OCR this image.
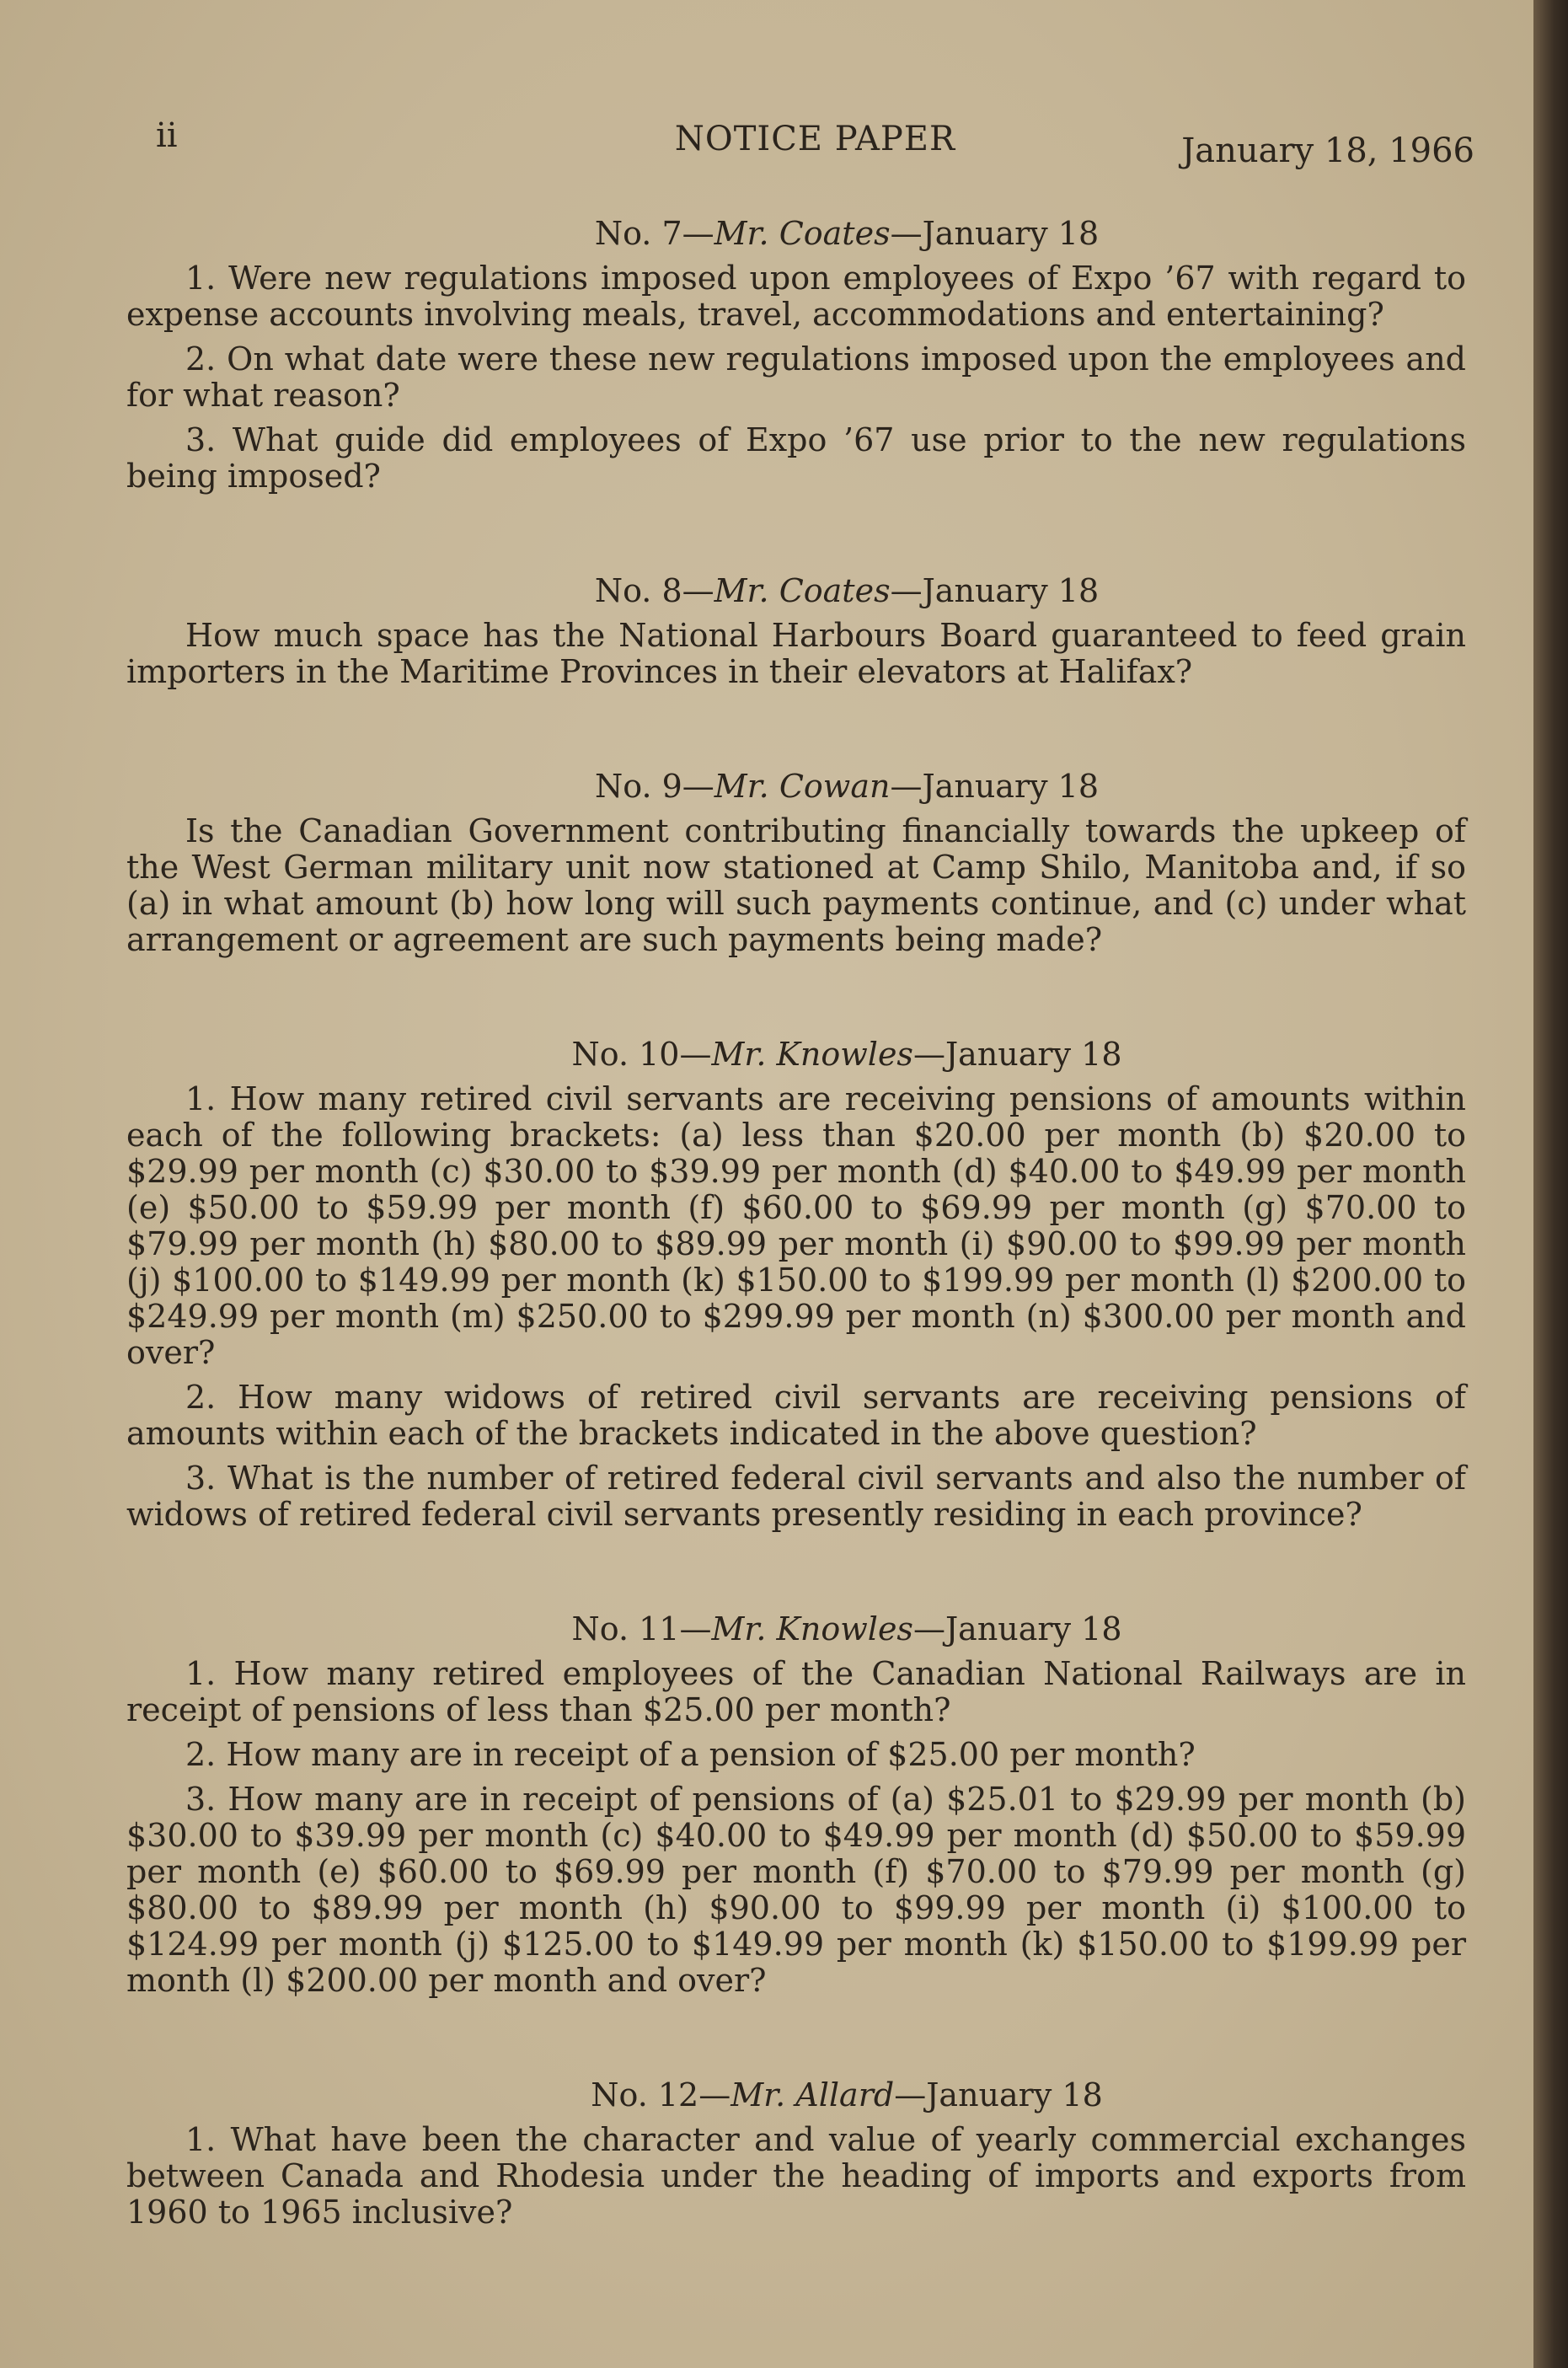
ii	NOTICE PAPER	January 18, 1966
No. 7—Mr. Coates—January 18

1. Were new regulations imposed upon employees of Expo ’67 with regard to expense accounts involving meals, travel, accommodations and entertaining?

2. On what date were these new regulations imposed upon the employees and for what reason?

3. What guide did employees of Expo ’67 use prior to the new regulations being imposed?

No. 8—Mr. Coates—January 18

How much space has the National Harbours Board guaranteed to feed grain importers in the Maritime Provinces in their elevators at Halifax?

No. 9—Mr. Cowan—January 18

Is the Canadian Government contributing financially towards the upkeep of the West German military unit now stationed at Camp Shilo, Manitoba and, if so (a) in what amount (b) how long will such payments continue, and (c) under what arrangement or agreement are such payments being made?

No. 10—Mr. Knowles—January 18

1. How many retired civil servants are receiving pensions of amounts within each of the following brackets: (a) less than $20.00 per month (b) $20.00 to $29.99 per month (c) $30.00 to $39.99 per month (d) $40.00 to $49.99 per month (e) $50.00 to $59.99 per month (f) $60.00 to $69.99 per month (g) $70.00 to $79.99 per month (h) $80.00 to $89.99 per month (i) $90.00 to $99.99 per month (j) $100.00 to $149.99 per month (k) $150.00 to $199.99 per month (l) $200.00 to $249.99 per month (m) $250.00 to $299.99 per month (n) $300.00 per month and over?

2. How many widows of retired civil servants are receiving pensions of amounts within each of the brackets indicated in the above question?

3. What is the number of retired federal civil servants and also the number of widows of retired federal civil servants presently residing in each province?

No. 11—Mr. Knowles—January 18

1. How many retired employees of the Canadian National Railways are in receipt of pensions of less than $25.00 per month?

2. How many are in receipt of a pension of $25.00 per month?

3. How many are in receipt of pensions of (a) $25.01 to $29.99 per month (b) $30.00 to $39.99 per month (c) $40.00 to $49.99 per month (d) $50.00 to $59.99 per month (e) $60.00 to $69.99 per month (f) $70.00 to $79.99 per month (g) $80.00 to $89.99 per month (h) $90.00 to $99.99 per month (i) $100.00 to $124.99 per month (j) $125.00 to $149.99 per month (k) $150.00 to $199.99 per month (l) $200.00 per month and over?

No. 12—Mr. Allard—January 18

1. What have been the character and value of yearly commercial exchanges between Canada and Rhodesia under the heading of imports and exports from 1960 to 1965 inclusive?
